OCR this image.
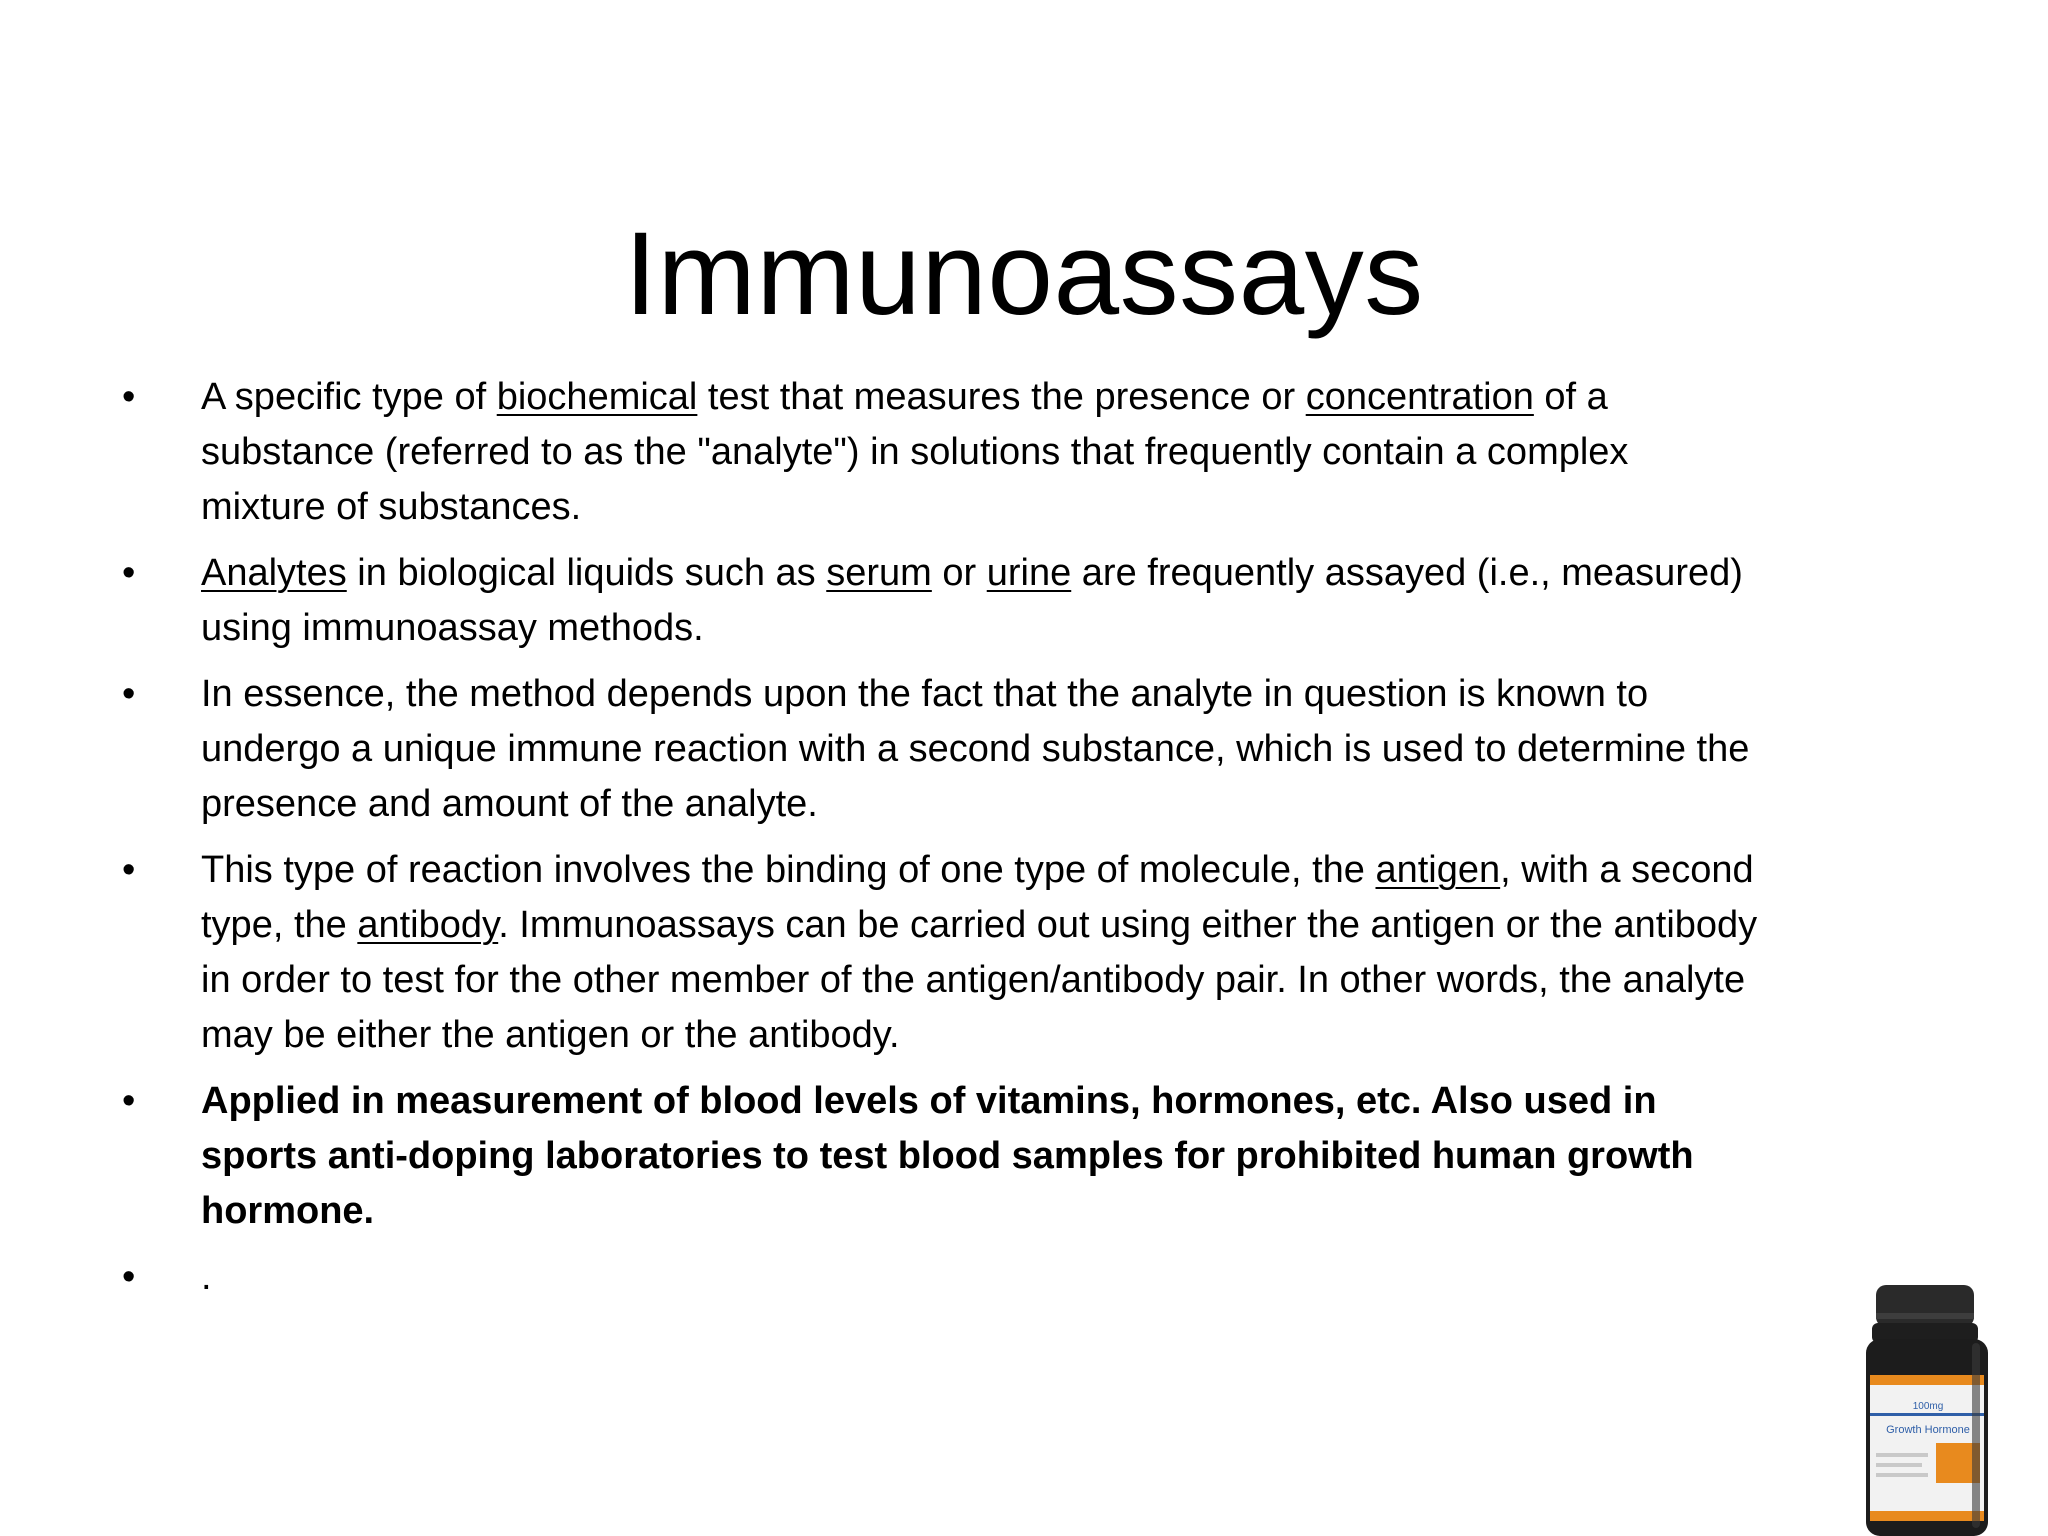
Immunoassays
•	A specific type of biochemical test that measures the presence or concentration of a substance (referred to as the "analyte") in solutions that frequently contain a complex mixture of substances.
•	Analytes in biological liquids such as serum or urine are frequently assayed (i.e., measured) using immunoassay methods.
•	In essence, the method depends upon the fact that the analyte in question is known to undergo a unique immune reaction with a second substance, which is used to determine the presence and amount of the analyte.
•	This type of reaction involves the binding of one type of molecule, the antigen, with a second type, the antibody. Immunoassays can be carried out using either the antigen or the antibody in order to test for the other member of the antigen/antibody pair. In other words, the analyte may be either the antigen or the antibody.
•	Applied in measurement of blood levels of vitamins, hormones, etc. Also used in sports anti-doping laboratories to test blood samples for prohibited human growth hormone.
•	.
100mg
Growth Hormone
